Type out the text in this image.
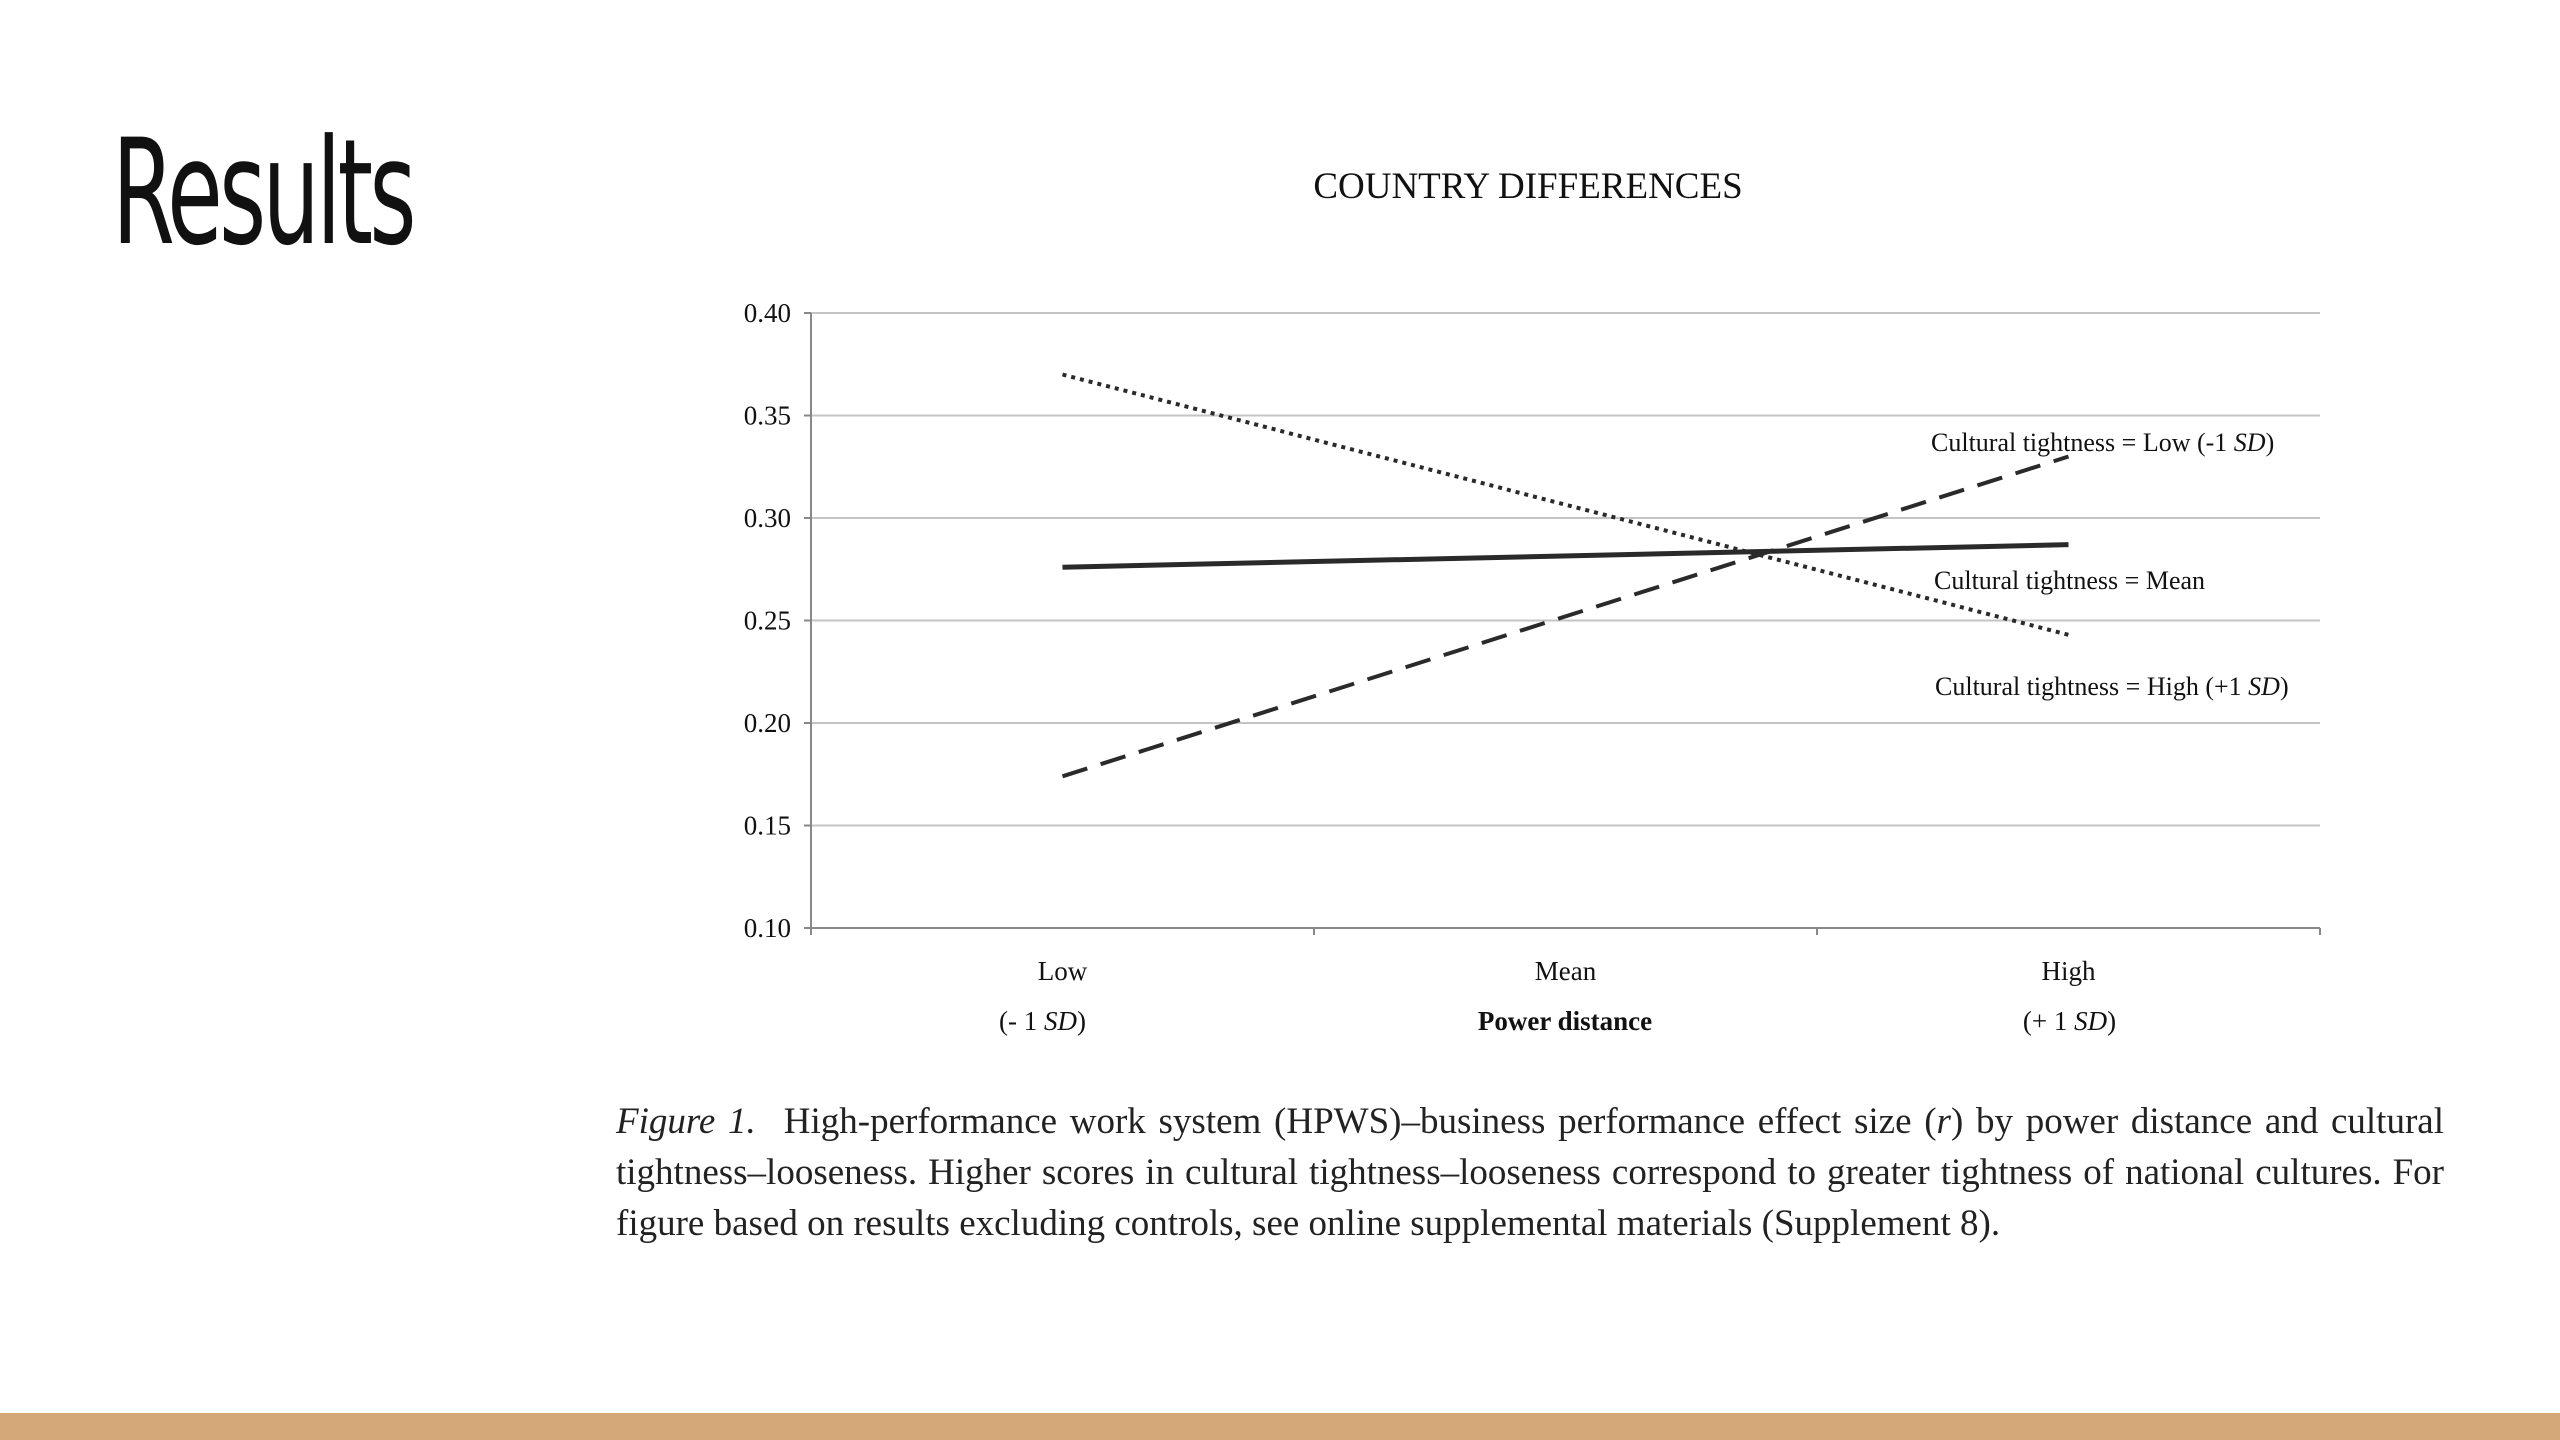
Results	COUNTRY DIFFERENCES
0.40
0.35
0.30
0.25
0.20
0.15
0.10
Low
(- 1 SD)
Mean	High
(+ 1 SD)
Cultural tightness = Low (-1 SD)
Cultural tightness = Mean
Cultural tightness = High (+1 SD)
Power distance

Figure 1. High-performance work system (HPWS)–business performance effect size (r) by power distance and cultural tightness–looseness. Higher scores in cultural tightness–looseness correspond to greater tightness of national cultures. For figure based on results excluding controls, see online supplemental materials (Supplement 8).
